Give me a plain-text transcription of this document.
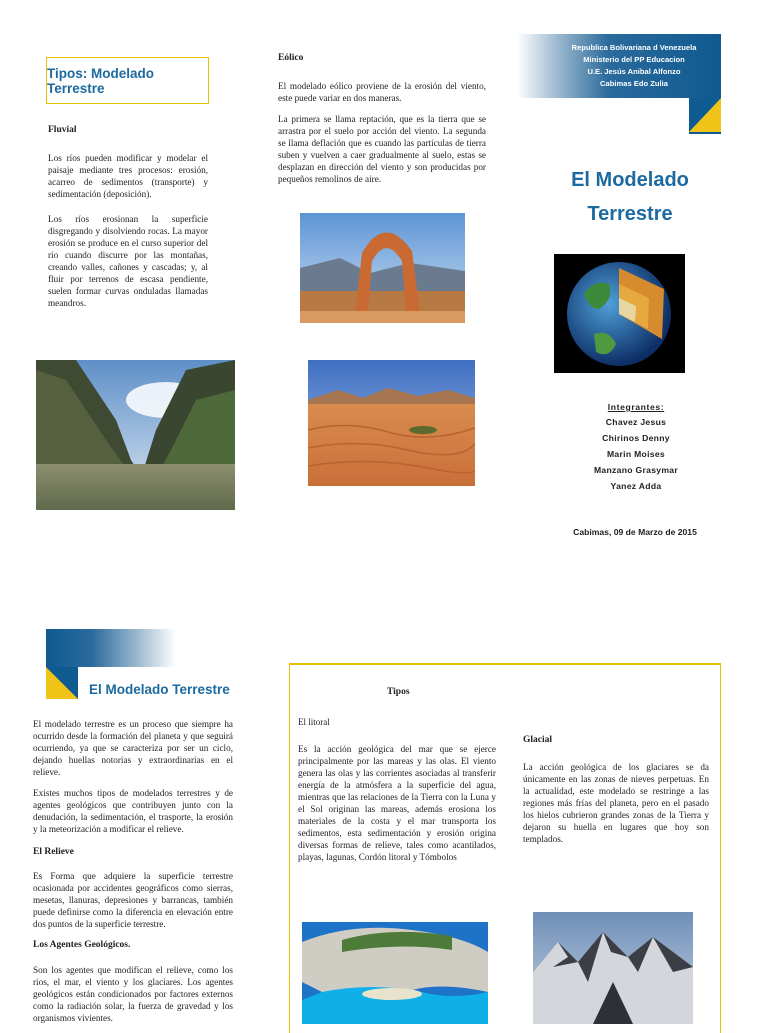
Tipos: Modelado Terrestre

Fluvial

Los ríos pueden modificar y modelar el paisaje mediante tres procesos: erosión, acarreo de sedimentos (transporte) y sedimentación (deposición).

Los ríos erosionan la superficie disgregando y disolviendo rocas. La mayor erosión se produce en el curso superior del río cuando discurre por las montañas, creando valles, cañones y cascadas; y, al fluir por terrenos de escasa pendiente, suelen formar curvas onduladas llamadas meandros.

Eólico

El modelado eólico proviene de la erosión del viento, este puede variar en dos maneras.

La primera se llama reptación, que es la tierra que se arrastra por el suelo por acción del viento. La segunda se llama deflación que es cuando las partículas de tierra suben y vuelven a caer gradualmente al suelo, estas se desplazan en dirección del viento y son producidas por pequeños remolinos de aire.

Republica Bolivariana d Venezuela
Ministerio del PP Educacion
U.E. Jesús Anibal Alfonzo
Cabimas Edo Zulia
El Modelado
Terrestre

Integrantes:

Chavez Jesus
Chirinos Denny
Marin Moises
Manzano Grasymar
Yanez Adda

Cabimas, 09 de Marzo de 2015

El Modelado Terrestre

El modelado terrestre es un proceso que siempre ha ocurrido desde la formación del planeta y que seguirá ocurriendo, ya que se caracteriza por ser un ciclo, dejando huellas notorias y extraordinarias en el relieve.

Existes muchos tipos de modelados terrestres y de agentes geológicos que contribuyen junto con la denudación, la sedimentación, el trasporte, la erosión y la meteorización a modificar el relieve.

El Relieve

Es Forma que adquiere la superficie terrestre ocasionada por accidentes geográficos como sierras, mesetas, llanuras, depresiones y barrancas, también puede definirse como la diferencia en elevación entre dos puntos de la superficie terrestre.

Los Agentes Geológicos.

Son los agentes que modifican el relieve, como los ríos, el mar, el viento y los glaciares. Los agentes geológicos están condicionados por factores externos como la radiación solar, la fuerza de gravedad y los organismos vivientes.

Tipos

El litoral

Es la acción geológica del mar que se ejerce principalmente por las mareas y las olas. El viento genera las olas y las corrientes asociadas al transferir energía de la atmósfera a la superficie del agua, mientras que las relaciones de la Tierra con la Luna y el Sol originan las mareas, además erosiona los materiales de la costa y el mar transporta los sedimentos, esta sedimentación y erosión origina diversas formas de relieve, tales como acantilados, playas, lagunas, Cordón litoral y Tómbolos

Glacial

La acción geológica de los glaciares se da únicamente en las zonas de nieves perpetuas. En la actualidad, este modelado se restringe a las regiones más frías del planeta, pero en el pasado los hielos cubrieron grandes zonas de la Tierra y dejaron su huella en lugares que hoy son templados.
